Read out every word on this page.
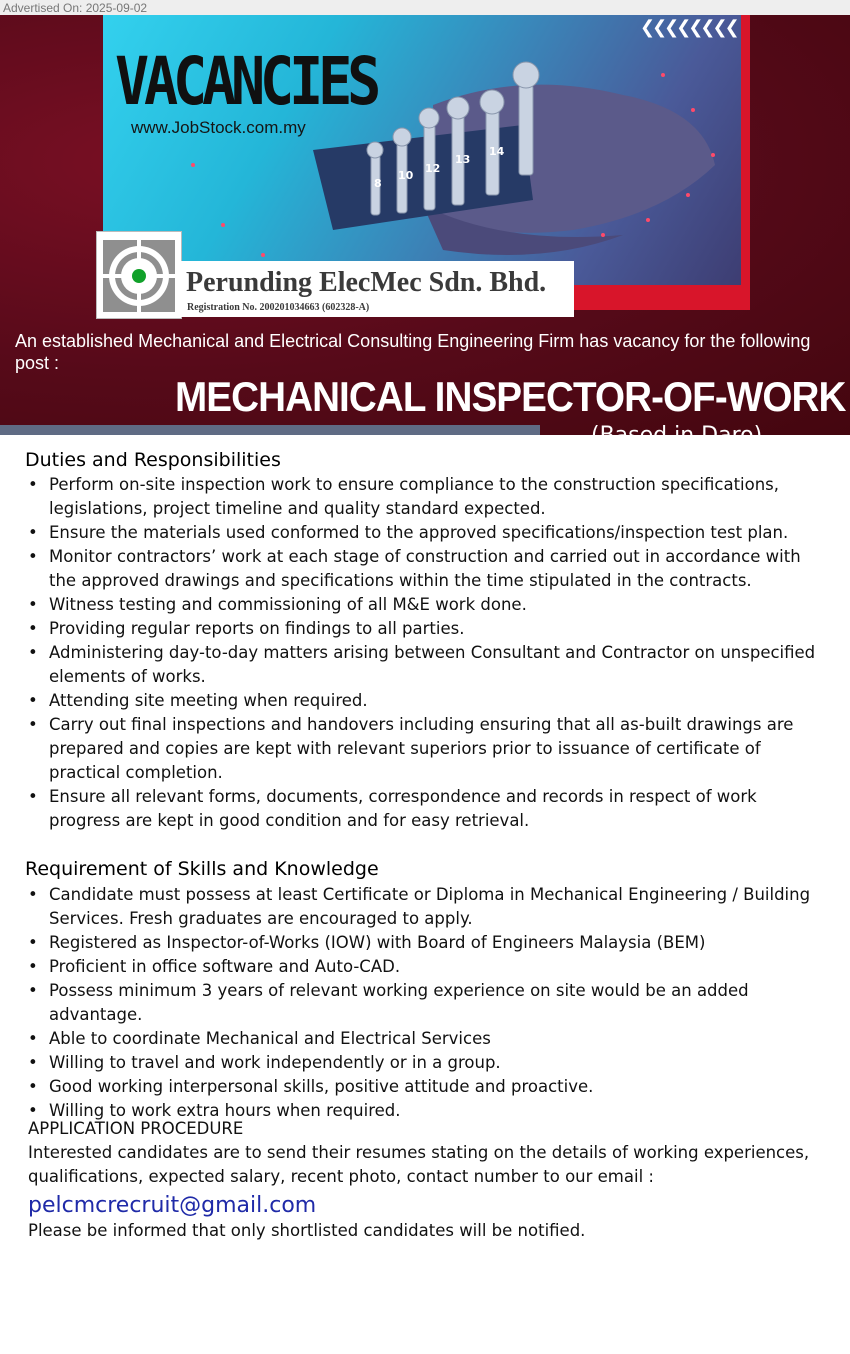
Advertised On: 2025-09-02
8
10
12
13
14
VACANCIES
www.JobStock.com.my
❮❮❮❮❮❮❮❮
Perunding ElecMec Sdn. Bhd.
Registration No. 200201034663 (602328-A)
An established Mechanical and Electrical Consulting Engineering Firm has vacancy for the following post :
MECHANICAL INSPECTOR-OF-WORK
(Based in Daro)
Duties and Responsibilities
• Perform on-site inspection work to ensure compliance to the construction specifications, legislations, project timeline and quality standard expected.
• Ensure the materials used conformed to the approved specifications/inspection test plan.
• Monitor contractors’ work at each stage of construction and carried out in accordance with the approved drawings and specifications within the time stipulated in the contracts.
• Witness testing and commissioning of all M&E work done.
• Providing regular reports on findings to all parties.
• Administering day-to-day matters arising between Consultant and Contractor on unspecified elements of works.
• Attending site meeting when required.
• Carry out final inspections and handovers including ensuring that all as-built drawings are prepared and copies are kept with relevant superiors prior to issuance of certificate of practical completion.
• Ensure all relevant forms, documents, correspondence and records in respect of work progress are kept in good condition and for easy retrieval.
Requirement of Skills and Knowledge
• Candidate must possess at least Certificate or Diploma in Mechanical Engineering / Building Services. Fresh graduates are encouraged to apply.
• Registered as Inspector-of-Works (IOW) with Board of Engineers Malaysia (BEM)
• Proficient in office software and Auto-CAD.
• Possess minimum 3 years of relevant working experience on site would be an added advantage.
• Able to coordinate Mechanical and Electrical Services
• Willing to travel and work independently or in a group.
• Good working interpersonal skills, positive attitude and proactive.
• Willing to work extra hours when required.
APPLICATION PROCEDURE
Interested candidates are to send their resumes stating on the details of working experiences, qualifications, expected salary, recent photo, contact number to our email :
pelcmcrecruit@gmail.com
Please be informed that only shortlisted candidates will be notified.
